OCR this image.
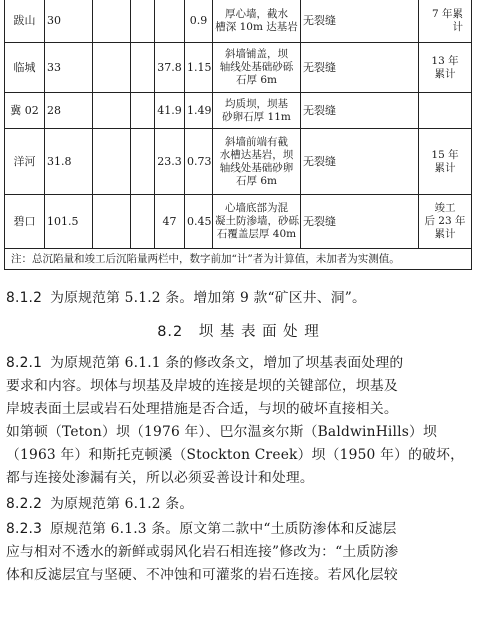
跋山	30				0.9	厚心墙，截水
槽深 10m 达基岩	无裂缝	7 年累
计

临城	33			37.8	1.15	斜墙铺盖，坝
轴线处基础砂砾
石厚 6m	无裂缝	13 年
累计

冀 02	28			41.9	1.49	均质坝，坝基
砂卵石厚 11m	无裂缝	
洋河	31.8			23.3	0.73	斜墙前端有截
水槽达基岩，坝
轴线处基础砂卵
石厚 6m	无裂缝	15 年
累计

碧口	101.5			47	0.45	心墙底部为混
凝土防渗墙，砂砾
石覆盖层厚 40m	无裂缝	竣工
后 23 年
累计

注：总沉陷量和竣工后沉陷量两栏中，数字前加“计”者为计算值，未加者为实测值。								
8.1.2 为原规范第 5.1.2 条。增加第 9 款“矿区井、洞”。
8.2　坝 基 表 面 处 理
8.2.1 为原规范第 6.1.1 条的修改条文，增加了坝基表面处理的
要求和内容。坝体与坝基及岸坡的连接是坝的关键部位，坝基及
岸坡表面土层或岩石处理措施是否合适，与坝的破坏直接相关。
如第顿（Teton）坝（1976 年）、巴尔温亥尔斯（BaldwinHills）坝
（1963 年）和斯托克顿溪（Stockton Creek）坝（1950 年）的破坏，
都与连接处渗漏有关，所以必须妥善设计和处理。
8.2.2 为原规范第 6.1.2 条。
8.2.3 原规范第 6.1.3 条。原文第二款中“土质防渗体和反滤层
应与相对不透水的新鲜或弱风化岩石相连接”修改为：“土质防渗
体和反滤层宜与坚硬、不冲蚀和可灌浆的岩石连接。若风化层较
